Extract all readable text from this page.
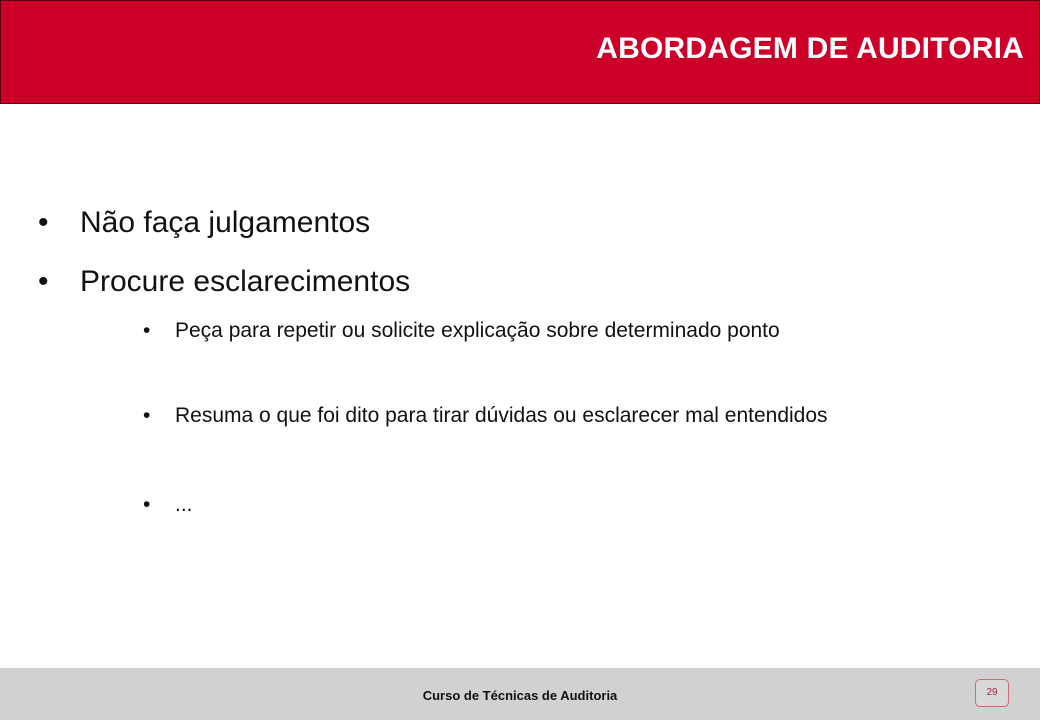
ABORDAGEM DE AUDITORIA
•	Não faça julgamentos
•	Procure esclarecimentos
• Peça para repetir ou solicite explicação sobre determinado ponto
• Resuma o que foi dito para tirar dúvidas ou esclarecer mal entendidos
• ...
Curso de Técnicas de Auditoria	29
